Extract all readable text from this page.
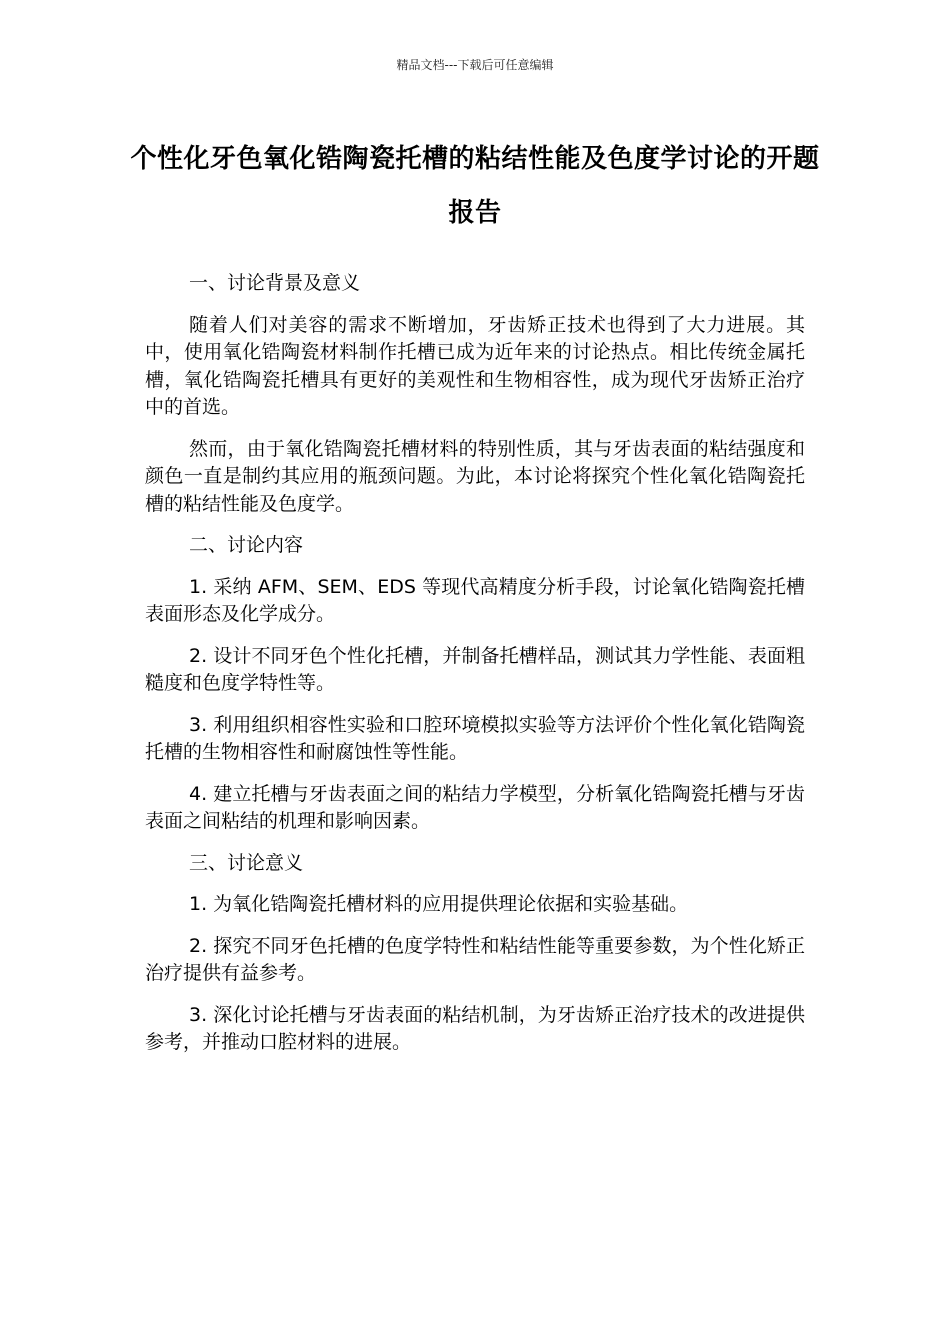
精品文档---下载后可任意编辑
个性化牙色氧化锆陶瓷托槽的粘结性能及色度学讨论的开题报告

一、讨论背景及意义

随着人们对美容的需求不断增加，牙齿矫正技术也得到了大力进展。其中，使用氧化锆陶瓷材料制作托槽已成为近年来的讨论热点。相比传统金属托槽，氧化锆陶瓷托槽具有更好的美观性和生物相容性，成为现代牙齿矫正治疗中的首选。

然而，由于氧化锆陶瓷托槽材料的特别性质，其与牙齿表面的粘结强度和颜色一直是制约其应用的瓶颈问题。为此，本讨论将探究个性化氧化锆陶瓷托槽的粘结性能及色度学。

二、讨论内容

1. 采纳 AFM、SEM、EDS 等现代高精度分析手段，讨论氧化锆陶瓷托槽表面形态及化学成分。

2. 设计不同牙色个性化托槽，并制备托槽样品，测试其力学性能、表面粗糙度和色度学特性等。

3. 利用组织相容性实验和口腔环境模拟实验等方法评价个性化氧化锆陶瓷托槽的生物相容性和耐腐蚀性等性能。

4. 建立托槽与牙齿表面之间的粘结力学模型，分析氧化锆陶瓷托槽与牙齿表面之间粘结的机理和影响因素。

三、讨论意义

1. 为氧化锆陶瓷托槽材料的应用提供理论依据和实验基础。

2. 探究不同牙色托槽的色度学特性和粘结性能等重要参数，为个性化矫正治疗提供有益参考。

3. 深化讨论托槽与牙齿表面的粘结机制，为牙齿矫正治疗技术的改进提供参考，并推动口腔材料的进展。
